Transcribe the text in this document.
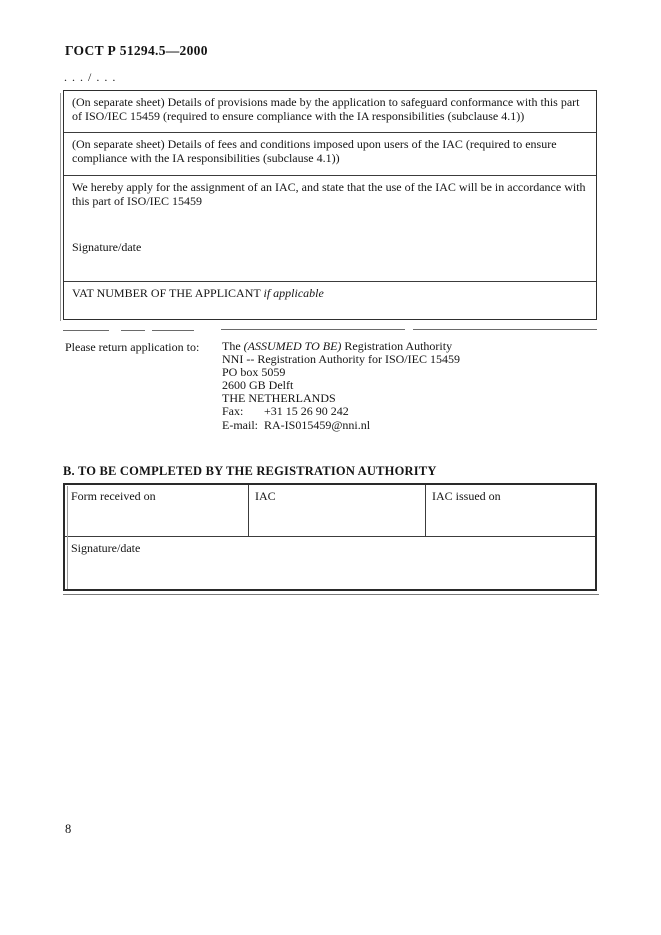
ГОСТ Р 51294.5—2000
. . . / . . .
(On separate sheet) Details of provisions made by the application to safeguard conformance with this part of ISO/IEC 15459 (required to ensure compliance with the IA responsibilities (subclause 4.1))
(On separate sheet) Details of fees and conditions imposed upon users of the IAC (required to ensure compliance with the IA responsibilities (subclause 4.1))
We hereby apply for the assignment of an IAC, and state that the use of the IAC will be in accordance with this part of ISO/IEC 15459
Signature/date
VAT NUMBER OF THE APPLICANT if applicable
Please return application to: The (ASSUMED TO BE) Registration Authority
NNI -- Registration Authority for ISO/IEC 15459
PO box 5059
2600 GB Delft
THE NETHERLANDS
Fax: +31 15 26 90 242
E-mail: RA-IS015459@nni.nl
B. TO BE COMPLETED BY THE REGISTRATION AUTHORITY
Form received on	IAC	IAC issued on
Signature/date
8
